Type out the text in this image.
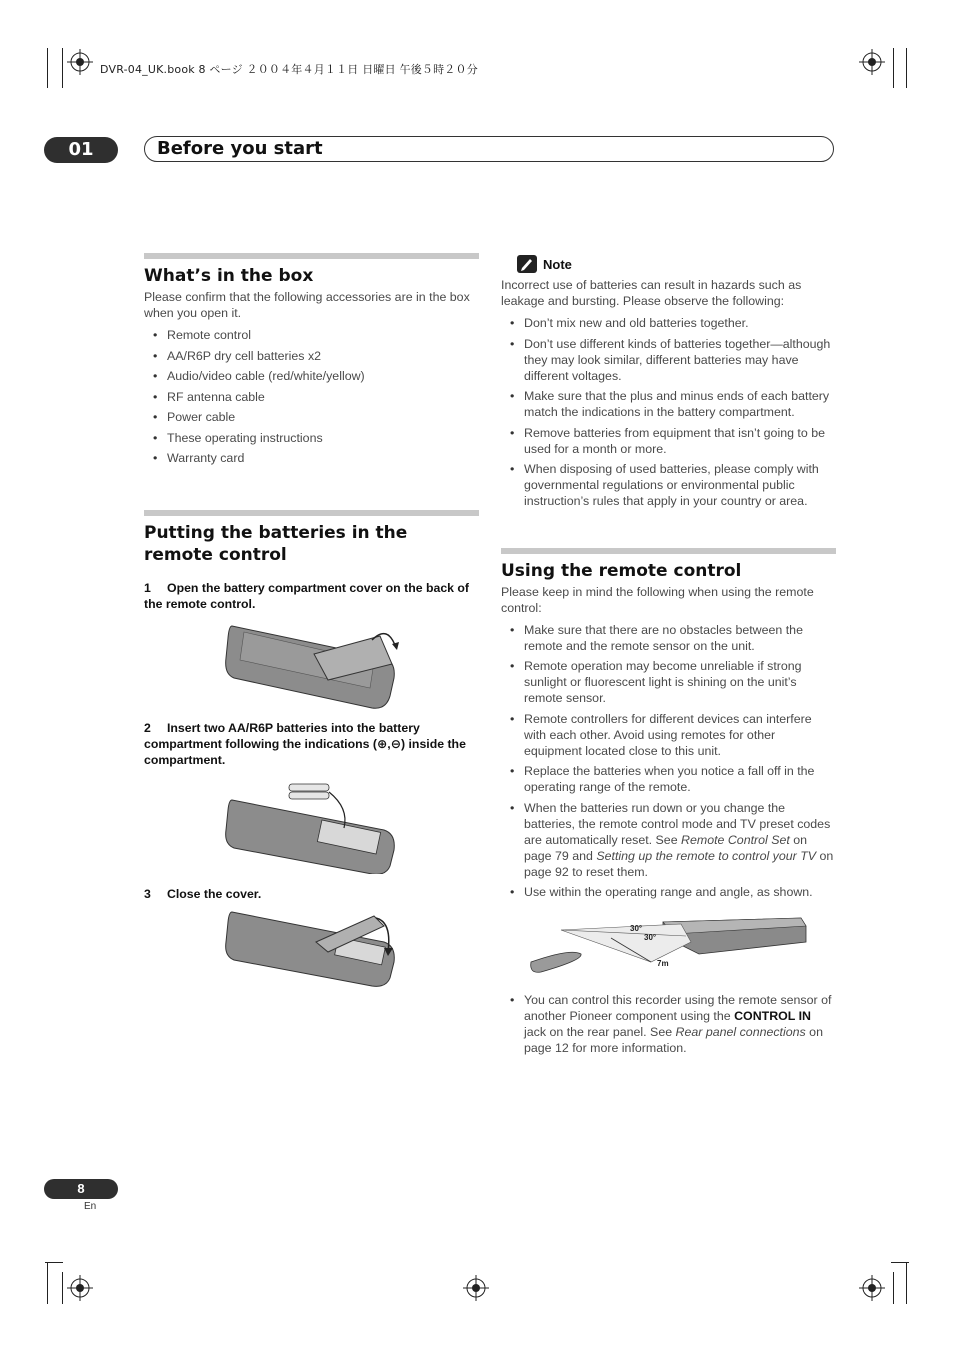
DVR-04_UK.book 8 ページ ２００４年４月１１日 日曜日 午後５時２０分
01	Before you start
What’s in the box

Please confirm that the following accessories are in the box when you open it.

• Remote control
• AA/R6P dry cell batteries x2
• Audio/video cable (red/white/yellow)
• RF antenna cable
• Power cable
• These operating instructions
• Warranty card
Putting the batteries in the remote control
1 Open the battery compartment cover on the back of the remote control.
2 Insert two AA/R6P batteries into the battery compartment following the indications (⊕,⊖) inside the compartment.
3 Close the cover.
Note

Incorrect use of batteries can result in hazards such as leakage and bursting. Please observe the following:

• Don’t mix new and old batteries together.
• Don’t use different kinds of batteries together—although they may look similar, different batteries may have different voltages.
• Make sure that the plus and minus ends of each battery match the indications in the battery compartment.
• Remove batteries from equipment that isn’t going to be used for a month or more.
• When disposing of used batteries, please comply with governmental regulations or environmental public instruction’s rules that apply in your country or area.
Using the remote control

Please keep in mind the following when using the remote control:

• Make sure that there are no obstacles between the remote and the remote sensor on the unit.
• Remote operation may become unreliable if strong sunlight or fluorescent light is shining on the unit’s remote sensor.
• Remote controllers for different devices can interfere with each other. Avoid using remotes for other equipment located close to this unit.
• Replace the batteries when you notice a fall off in the operating range of the remote.
• When the batteries run down or you change the batteries, the remote control mode and TV preset codes are automatically reset. See Remote Control Set on page 79 and Setting up the remote to control your TV on page 92 to reset them.
• Use within the operating range and angle, as shown.
30°
30°
7m
• You can control this recorder using the remote sensor of another Pioneer component using the CONTROL IN jack on the rear panel. See Rear panel connections on page 12 for more information.
8
En
